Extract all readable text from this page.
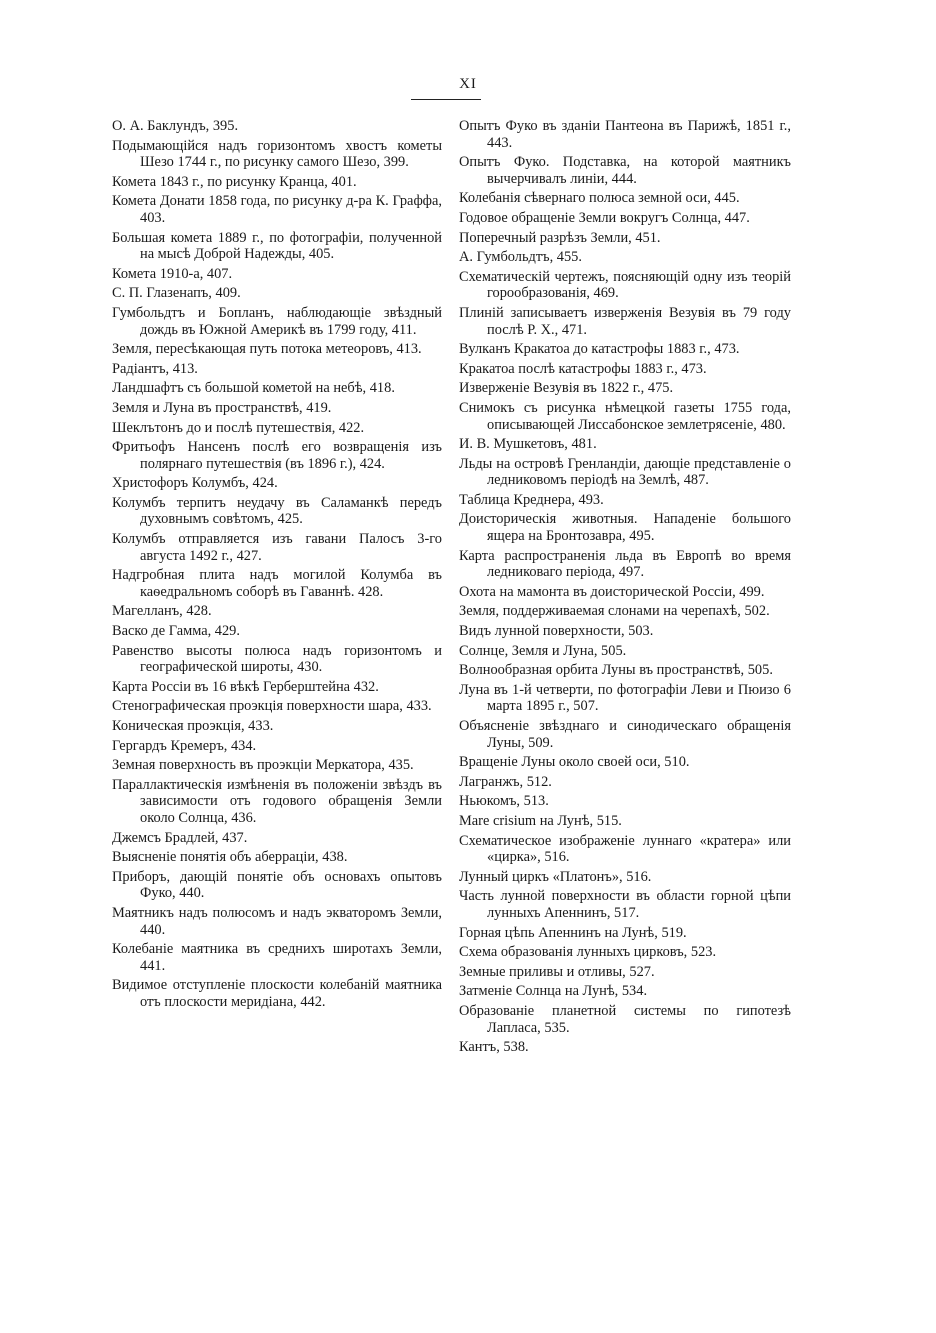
XI
О. А. Баклундъ, 395.
Подымающійся надъ горизонтомъ хвостъ кометы Шезо 1744 г., по рисунку самого Шезо, 399.
Комета 1843 г., по рисунку Кранца, 401.
Комета Донати 1858 года, по рисунку д-ра К. Граффа, 403.
Большая комета 1889 г., по фотографіи, полученной на мысѣ Доброй Надежды, 405.
Комета 1910-а, 407.
С. П. Глазенапъ, 409.
Гумбольдтъ и Бопланъ, наблюдающіе звѣздный дождь въ Южной Америкѣ въ 1799 году, 411.
Земля, пересѣкающая путь потока метеоровъ, 413.
Радіантъ, 413.
Ландшафтъ съ большой кометой на небѣ, 418.
Земля и Луна въ пространствѣ, 419.
Шеклътонъ до и послѣ путешествія, 422.
Фритьофъ Нансенъ послѣ его возвращенія изъ полярнаго путешествія (въ 1896 г.), 424.
Христофоръ Колумбъ, 424.
Колумбъ терпитъ неудачу въ Саламанкѣ передъ духовнымъ совѣтомъ, 425.
Колумбъ отправляется изъ гавани Палосъ 3-го августа 1492 г., 427.
Надгробная плита надъ могилой Колумба въ каѳедральномъ соборѣ въ Гаваннѣ. 428.
Магелланъ, 428.
Васко де Гамма, 429.
Равенство высоты полюса надъ горизонтомъ и географической широты, 430.
Карта Россіи въ 16 вѣкѣ Герберштейна 432.
Стенографическая проэкція поверхности шара, 433.
Коническая проэкція, 433.
Гергардъ Кремеръ, 434.
Земная поверхность въ проэкціи Меркатора, 435.
Параллактическія измѣненія въ положеніи звѣздъ въ зависимости отъ годового обращенія Земли около Солнца, 436.
Джемсъ Брадлей, 437.
Выясненіе понятія объ аберраціи, 438.
Приборъ, дающій понятіе объ основахъ опытовъ Фуко, 440.
Маятникъ надъ полюсомъ и надъ экваторомъ Земли, 440.
Колебаніе маятника въ среднихъ широтахъ Земли, 441.
Видимое отступленіе плоскости колебаній маятника отъ плоскости меридіана, 442.
Опытъ Фуко въ зданіи Пантеона въ Парижѣ, 1851 г., 443.
Опытъ Фуко. Подставка, на которой маятникъ вычерчивалъ линіи, 444.
Колебанія сѣвернаго полюса земной оси, 445.
Годовое обращеніе Земли вокругъ Солнца, 447.
Поперечный разрѣзъ Земли, 451.
А. Гумбольдтъ, 455.
Схематическій чертежъ, поясняющій одну изъ теорій горообразованія, 469.
Плиній записываетъ изверженія Везувія въ 79 году послѣ Р. Х., 471.
Вулканъ Кракатоа до катастрофы 1883 г., 473.
Кракатоа послѣ катастрофы 1883 г., 473.
Изверженіе Везувія въ 1822 г., 475.
Снимокъ съ рисунка нѣмецкой газеты 1755 года, описывающей Лиссабонское землетрясеніе, 480.
И. В. Мушкетовъ, 481.
Льды на островѣ Гренландіи, дающіе представленіе о ледниковомъ періодѣ на Землѣ, 487.
Таблица Креднера, 493.
Доисторическія животныя. Нападеніе большого ящера на Бронтозавра, 495.
Карта распространенія льда въ Европѣ во время ледниковаго періода, 497.
Охота на мамонта въ доисторической Россіи, 499.
Земля, поддерживаемая слонами на черепахѣ, 502.
Видъ лунной поверхности, 503.
Солнце, Земля и Луна, 505.
Волнообразная орбита Луны въ пространствѣ, 505.
Луна въ 1-й четверти, по фотографіи Леви и Пюизо 6 марта 1895 г., 507.
Объясненіе звѣзднаго и синодическаго обращенія Луны, 509.
Вращеніе Луны около своей оси, 510.
Лагранжъ, 512.
Ньюкомъ, 513.
Mare crisium на Лунѣ, 515.
Схематическое изображеніе луннаго «кратера» или «цирка», 516.
Лунный циркъ «Платонъ», 516.
Часть лунной поверхности въ области горной цѣпи лунныхъ Апеннинъ, 517.
Горная цѣпь Апеннинъ на Лунѣ, 519.
Схема образованія лунныхъ цирковъ, 523.
Земные приливы и отливы, 527.
Затменіе Солнца на Лунѣ, 534.
Образованіе планетной системы по гипотезѣ Лапласа, 535.
Кантъ, 538.
